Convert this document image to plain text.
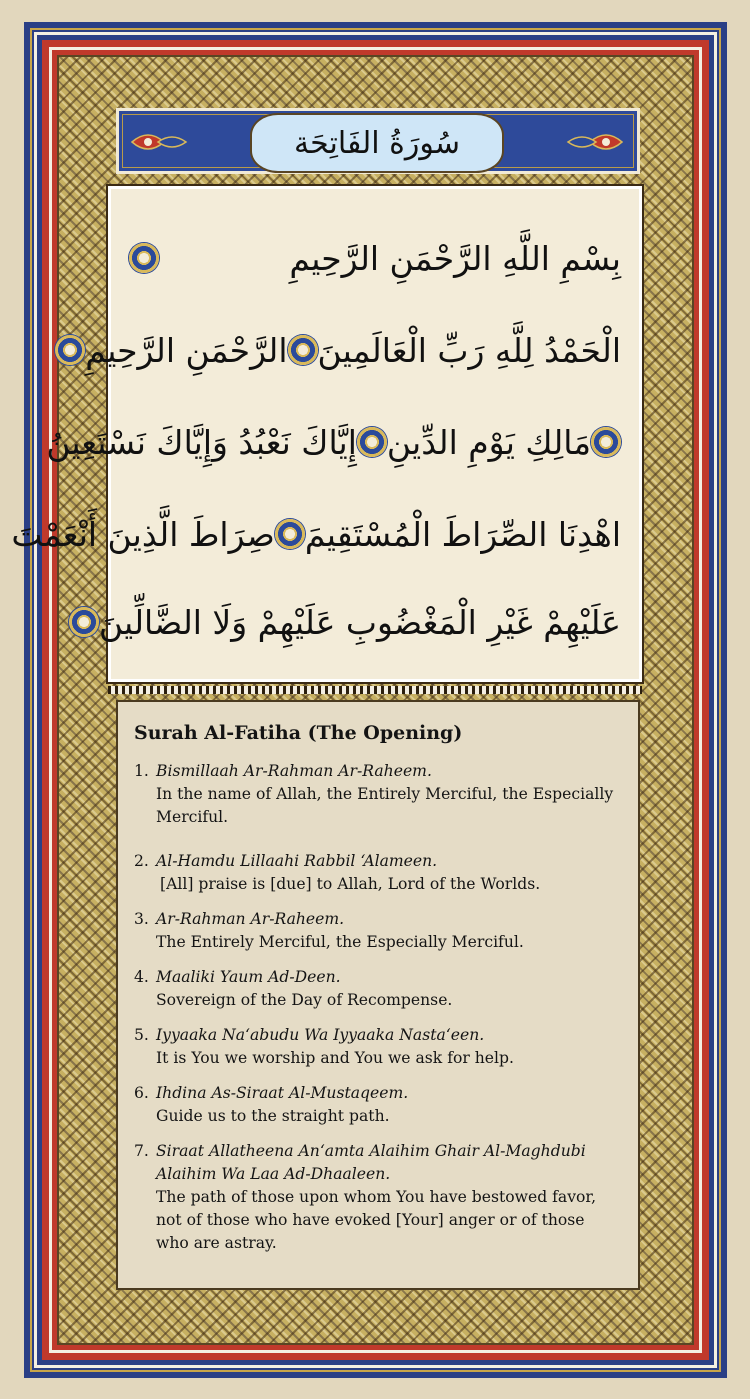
سُورَةُ الفَاتِحَة
بِسْمِ اللَّهِ الرَّحْمَنِ الرَّحِيمِ
الْحَمْدُ لِلَّهِ رَبِّ الْعَالَمِينَ
الرَّحْمَنِ الرَّحِيمِ
مَالِكِ يَوْمِ الدِّينِ
إِيَّاكَ نَعْبُدُ وَإِيَّاكَ نَسْتَعِينُ
اهْدِنَا الصِّرَاطَ الْمُسْتَقِيمَ
صِرَاطَ الَّذِينَ أَنْعَمْتَ
عَلَيْهِمْ غَيْرِ الْمَغْضُوبِ عَلَيْهِمْ وَلَا الضَّالِّينَ
Surah Al-Fatiha (The Opening)
1. Bismillaah Ar-Rahman Ar-Raheem.
In the name of Allah, the Entirely Merciful, the Especially Merciful.
2. Al-Hamdu Lillaahi Rabbil ‘Alameen.
[All] praise is [due] to Allah, Lord of the Worlds.
3. Ar-Rahman Ar-Raheem.
The Entirely Merciful, the Especially Merciful.
4. Maaliki Yaum Ad-Deen.
Sovereign of the Day of Recompense.
5. Iyyaaka Na‘abudu Wa Iyyaaka Nasta‘een.
It is You we worship and You we ask for help.
6. Ihdina As-Siraat Al-Mustaqeem.
Guide us to the straight path.
7. Siraat Allatheena An‘amta Alaihim Ghair Al-Maghdubi Alaihim Wa Laa Ad-Dhaaleen.
The path of those upon whom You have bestowed favor, not of those who have evoked [Your] anger or of those who are astray.
